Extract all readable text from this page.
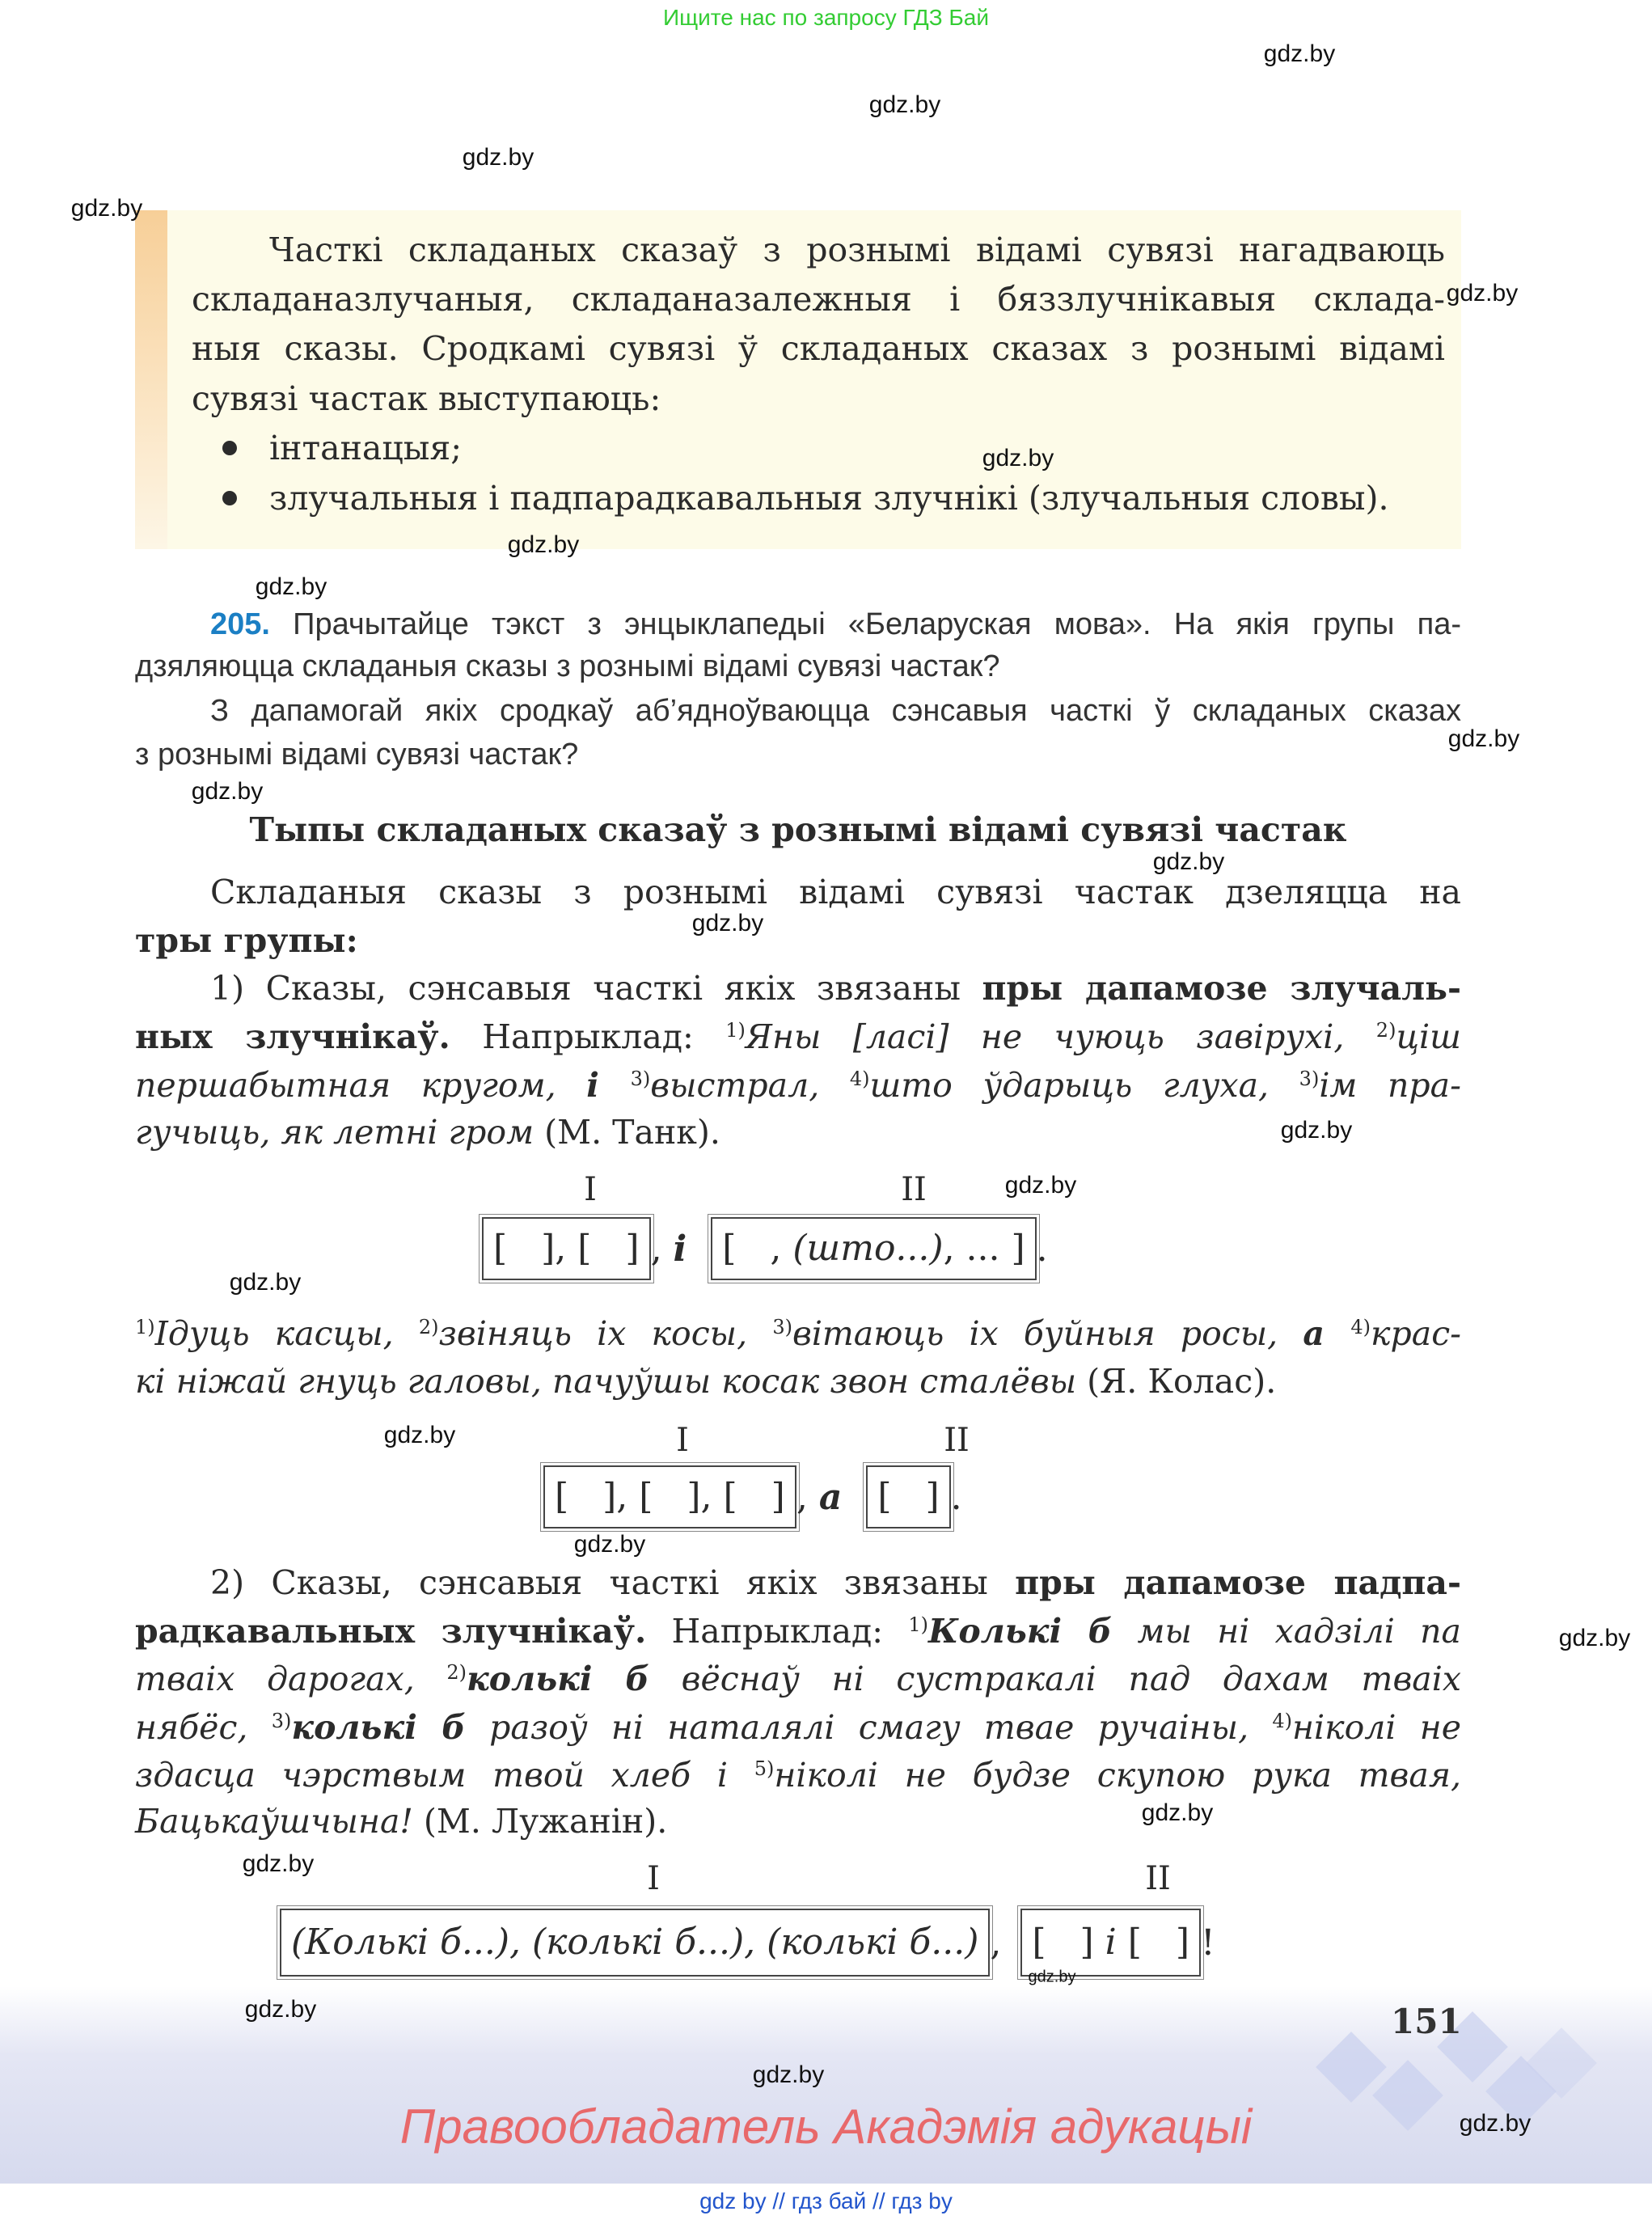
Ищите нас по запросу ГДЗ Бай
Часткі складаных сказаў з рознымі відамі сувязі нагадваюць
складаназлучаныя, складаназалежныя і бяззлучнікавыя склада-
ныя сказы. Сродкамі сувязі ў складаных сказах з рознымі відамі
сувязі частак выступаюць:
інтанацыя;
злучальныя і падпарадкавальныя злучнікі (злучальныя словы).
205. Прачытайце тэкст з энцыклапедыі «Беларуская мова». На якія групы па-
дзяляюцца складаныя сказы з рознымі відамі сувязі частак?
З дапамогай якіх сродкаў аб’ядноўваюцца сэнсавыя часткі ў складаных сказах
з рознымі відамі сувязі частак?
Тыпы складаных сказаў з рознымі відамі сувязі частак
Складаныя сказы з рознымі відамі сувязі частак дзеляцца на
тры групы:
1) Сказы, сэнсавыя часткі якіх звязаны пры дапамозе злучаль-
ных злучнікаў. Напрыклад: $^{1)}$Яны [ласі] не чуюць завірухі, $^{2)}$ціш
першабытная кругом, і $^{3)}$выстрал, $^{4)}$што ўдарыць глуха, $^{3)}$ім пра-
гучыць, як летні гром (М. Танк).
I	II
[   ], [   ] , і
[   , (што...) , ... ] .
$^{1)}$Ідуць касцы, $^{2)}$звіняць іх косы, $^{3)}$вітаюць іх буйныя росы, а $^{4)}$крас-
кі ніжай гнуць галовы, пачуўшы косак звон сталёвы (Я. Колас).
I	II
[   ], [   ], [   ] , а [   ] .
2) Сказы, сэнсавыя часткі якіх звязаны пры дапамозе падпа-
радкавальных злучнікаў. Напрыклад: $^{1)}$Колькі б мы ні хадзілі па
тваіх дарогах, $^{2)}$колькі б вёснаў ні сустракалі пад дахам тваіх
нябёс, $^{3)}$колькі б разоў ні наталялі смагу твае ручаіны, $^{4)}$ніколі не
здасца чэрствым твой хлеб і $^{5)}$ніколі не будзе скупою рука твая,
Бацькаўшчына! (М. Лужанін).
I	II
(Колькі б...), (колькі б...), (колькі б...) , [   ] і [   ] !
151
Правообладатель Акадэмія адукацыі
gdz by // гдз бай // гдз by
gdz.by
gdz.by
gdz.by
gdz.by
gdz.by
gdz.by
gdz.by
gdz.by
gdz.by
gdz.by
gdz.by
gdz.by
gdz.by
gdz.by
gdz.by
gdz.by
gdz.by
gdz.by
gdz.by
gdz.by
gdz.by
gdz.by
gdz.by
gdz.by
